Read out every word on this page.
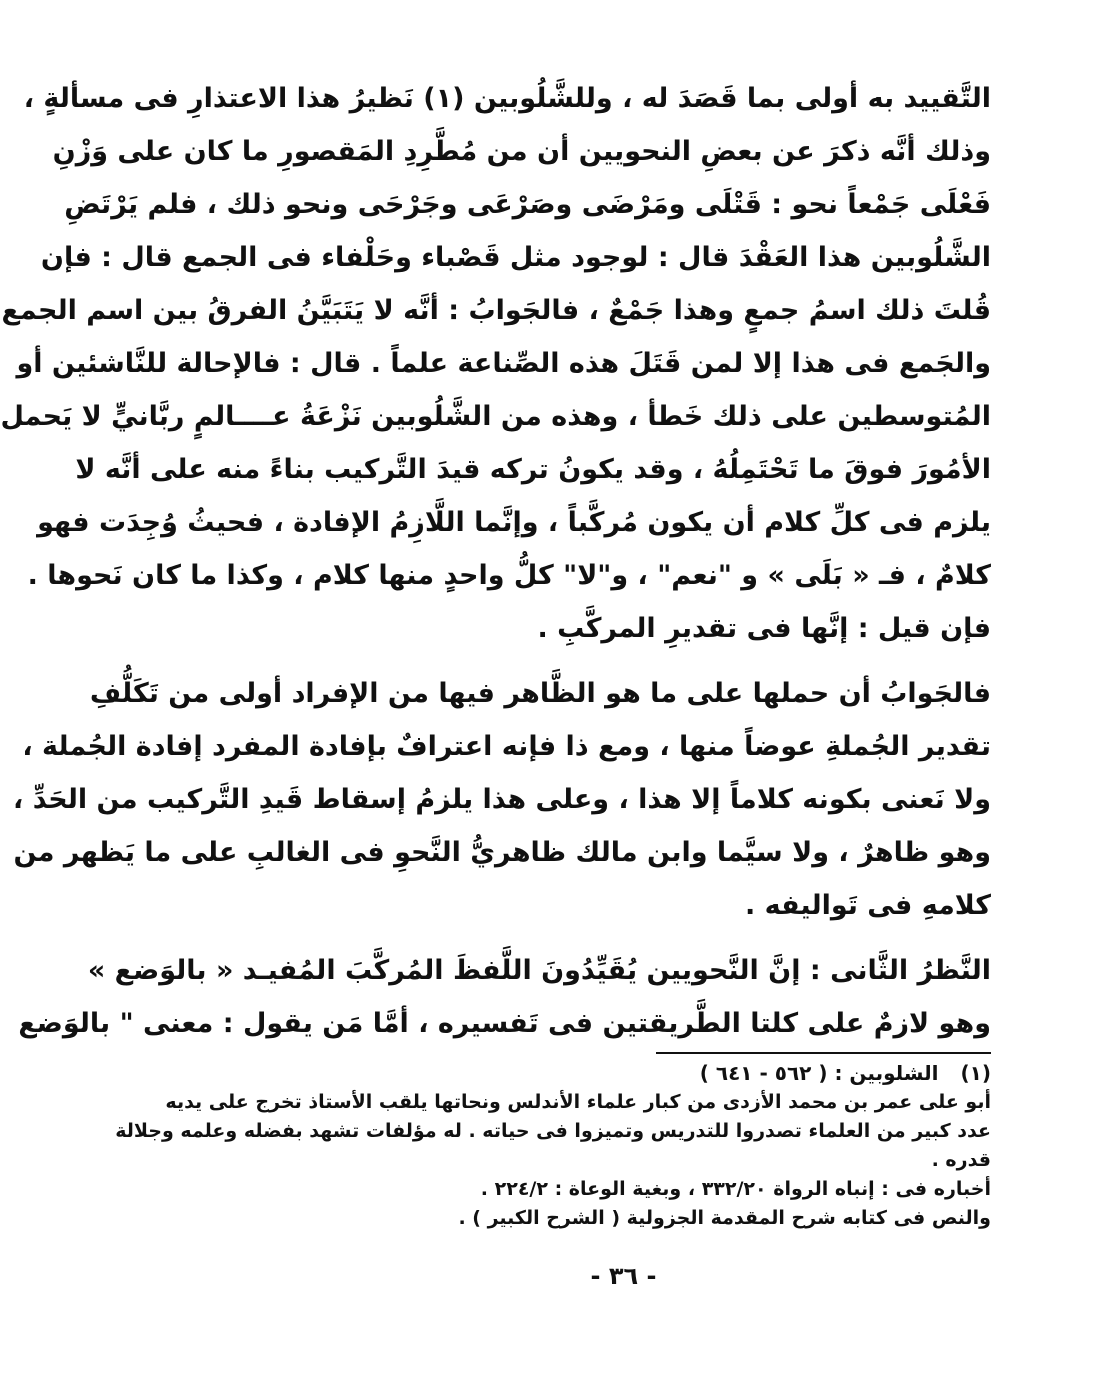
التَّقييد به أولى بما قَصَدَ له ، وللشَّلُوبين (١) نَظيرُ هذا الاعتذارِ فى مسألةٍ ،
وذلك أنَّه ذكرَ عن بعضِ النحويين أن من مُطَّرِدِ المَقصورِ ما كان على وَزْنِ
فَعْلَى جَمْعاً نحو : قَتْلَى ومَرْضَى وصَرْعَى وجَرْحَى ونحو ذلك ، فلم يَرْتَضِ
الشَّلُوبين هذا العَقْدَ قال : لوجود مثل قَصْباء وحَلْفاء فى الجمع قال : فإن
قُلتَ ذلك اسمُ جمعٍ وهذا جَمْعٌ ، فالجَوابُ : أنَّه لا يَتَبَيَّنُ الفرقُ بين اسم الجمع
والجَمع فى هذا إلا لمن قَتَلَ هذه الصِّناعة علماً . قال : فالإحالة للنَّاشئين أو
المُتوسطين على ذلك خَطأ ، وهذه من الشَّلُوبين نَزْعَةُ عــــالمٍ ربَّانيٍّ لا يَحمل
الأمُورَ فوقَ ما تَحْتَمِلُهُ ، وقد يكونُ تركه قيدَ التَّركيب بناءً منه على أنَّه لا
يلزم فى كلِّ كلام أن يكون مُركَّباً ، وإنَّما اللَّازِمُ الإفادة ، فحيثُ وُجِدَت فهو
كلامٌ ، فـ « بَلَى » و "نعم" ، و"لا" كلُّ واحدٍ منها كلام ، وكذا ما كان نَحوها .
فإن قيل : إنَّها فى تقديرِ المركَّبِ .
فالجَوابُ أن حملها على ما هو الظَّاهر فيها من الإفراد أولى من تَكَلُّفِ
تقدير الجُملةِ عوضاً منها ، ومع ذا فإنه اعترافٌ بإفادة المفرد إفادة الجُملة ،
ولا نَعنى بكونه كلاماً إلا هذا ، وعلى هذا يلزمُ إسقاط قَيدِ التَّركيب من الحَدِّ ،
وهو ظاهرٌ ، ولا سيَّما وابن مالك ظاهريُّ النَّحوِ فى الغالبِ على ما يَظهر من
كلامهِ فى تَواليفه .
النَّظرُ الثَّانى : إنَّ النَّحويين يُقَيِّدُونَ اللَّفظَ المُركَّبَ المُفيـد « بالوَضع »
وهو لازمٌ على كلتا الطَّريقتين فى تَفسيره ، أمَّا مَن يقول : معنى " بالوَضع
(١)
الشلوبين : ( ٥٦٢ - ٦٤١ )
أبو على عمر بن محمد الأزدى من كبار علماء الأندلس ونحاتها يلقب الأستاذ تخرج على يديه
عدد كبير من العلماء تصدروا للتدريس وتميزوا فى حياته . له مؤلفات تشهد بفضله وعلمه وجلالة
قدره .
أخباره فى : إنباه الرواة ٣٣٢/٢٠ ، وبغية الوعاة : ٢٢٤/٢ .
والنص فى كتابه شرح المقدمة الجزولية ( الشرح الكبير ) .
- ٣٦ -
